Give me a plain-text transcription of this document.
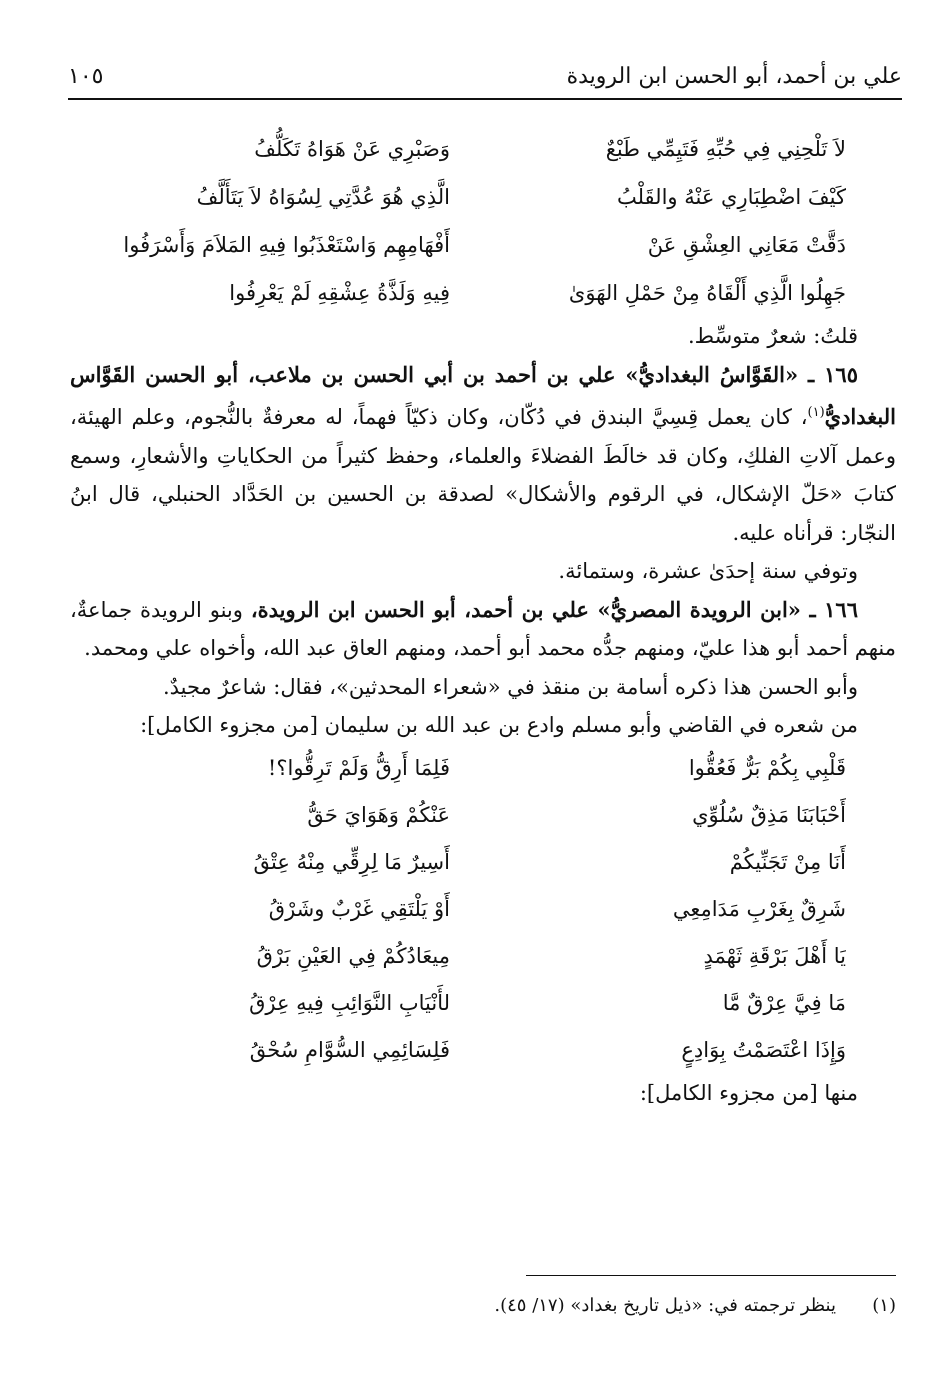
علي بن أحمد، أبو الحسن ابن الرويدة
١٠٥
لاَ تَلْحِنِي فِي حُبِّهِ فَتَيِمِّي طَبْعٌ
وَصَبْرِي عَنْ هَوَاهُ تَكَلُّفُ
كَيْفَ اضْطِبَارِي عَنْهُ والقَلْبُ
الَّذِي هُوَ عُدَّتِي لِسُوَاهُ لاَ يَتَأَلَّفُ
دَقَّتْ مَعَانِي العِشْقِ عَنْ
أَفْهَامِهِم وَاسْتَعْذَبُوا فِيهِ المَلاَمَ وَأَسْرَفُوا
جَهِلُوا الَّذِي أَلْقَاهُ مِنْ حَمْلِ الهَوَىٰ
فِيهِ وَلَذَّةُ عِشْقِهِ لَمْ يَعْرِفُوا

قلتُ: شعرٌ متوسِّط.

١٦٥ ـ «القَوَّاسُ البغداديُّ» علي بن أحمد بن أبي الحسن بن ملاعب، أبو الحسن القَوَّاس البغداديُّ$^{(١)}$، كان يعمل قِسِيَّ البندق في دُكّان، وكان ذكيّاً فهماً، له معرفةٌ بالنُّجوم، وعلم الهيئة، وعمل آلاتِ الفلكِ، وكان قد خالَطَ الفضلاءَ والعلماء، وحفظ كثيراً من الحكاياتِ والأشعارِ، وسمع كتابَ «حَلّ الإشكال، في الرقوم والأشكال» لصدقة بن الحسين بن الحَدَّاد الحنبلي، قال ابنُ النجّار: قرأناه عليه.

وتوفي سنة إحدَىٰ عشرة، وستمائة.

١٦٦ ـ «ابن الرويدة المصريُّ» علي بن أحمد، أبو الحسن ابن الرويدة، وبنو الرويدة جماعةٌ، منهم أحمد أبو هذا عليّ، ومنهم جدُّه محمد أبو أحمد، ومنهم العاق عبد الله، وأخواه علي ومحمد.

وأبو الحسن هذا ذكره أسامة بن منقذ في «شعراء المحدثين»، فقال: شاعرٌ مجيدٌ.

من شعره في القاضي وأبو مسلم وادع بن عبد الله بن سليمان [من مجزوء الكامل]:

قَلْبِي بِكُمْ بَرٌّ فَعُقُّوا
فَلِمَا أَرِقُّ وَلَمْ تَرِقُّوا؟!
أَحْبَابَنَا مَذِقٌ سُلُوِّي
عَنْكُمْ وَهَوَايَ حَقُّ
أَنَا مِنْ تَجَنِّيكُمْ
أَسِيرٌ مَا لِرِقِّي مِنْهُ عِتْقُ
شَرِقٌ بِغَرْبِ مَدَامِعِي
أَوْ يَلْتَقِي غَرْبٌ وشَرْقُ
يَا أَهْلَ بَرْقَةِ ثَهْمَدٍ
مِيعَادُكُمْ فِي العَيْنِ بَرْقُ
مَا فِيَّ عِرْقٌ مَّا
لأَنْيَابِ النَّوَائِبِ فِيهِ عِرْقُ
وَإِذَا اعْتَصَمْتُ بِوَادِعٍ
فَلِسَائِمِي السُّوَّامِ سُحْقُ

منها [من مجزوء الكامل]:

(١)ينظر ترجمته في: «ذيل تاريخ بغداد» (١٧/ ٤٥).
